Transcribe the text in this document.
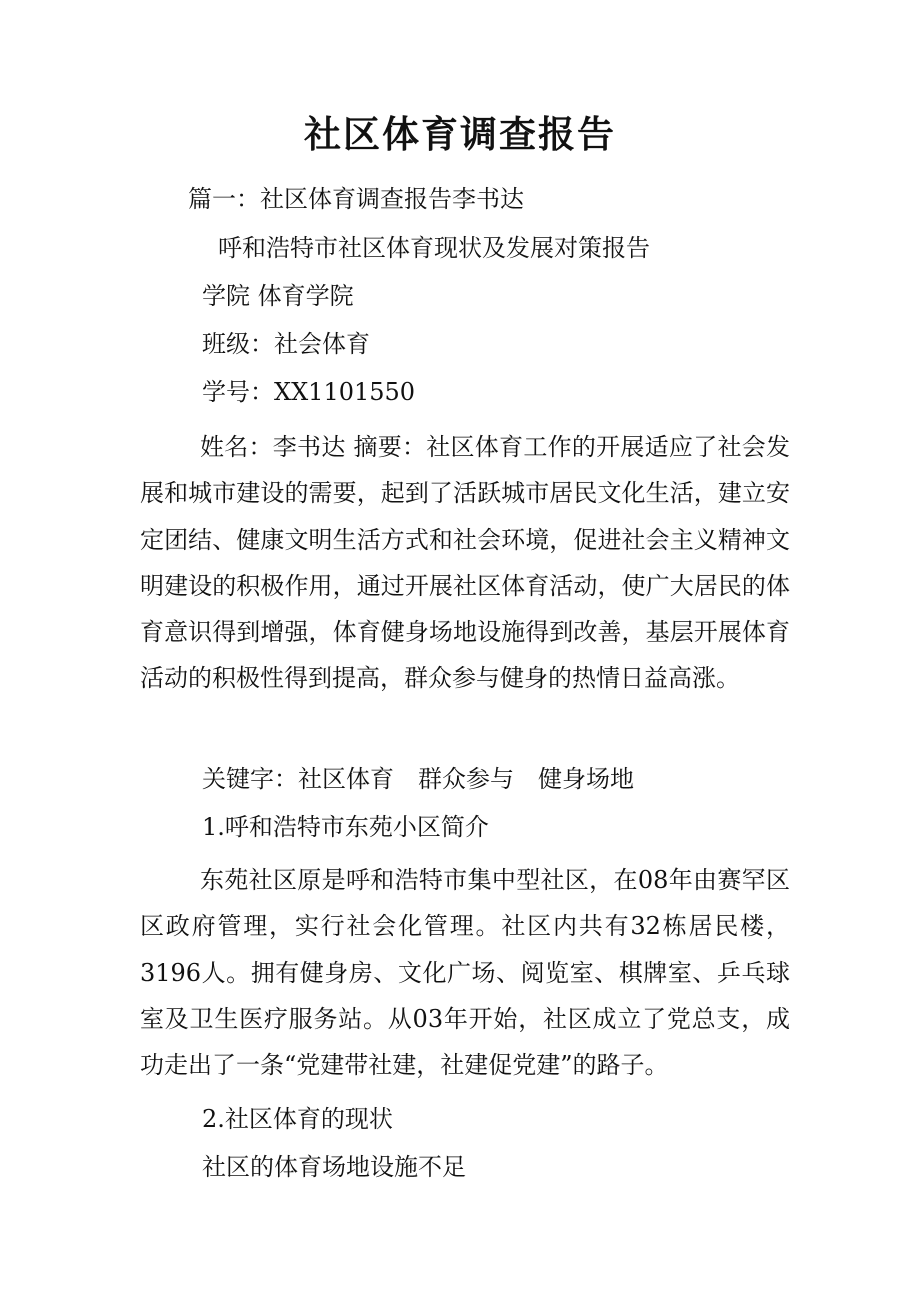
社区体育调查报告

篇一：社区体育调查报告李书达

呼和浩特市社区体育现状及发展对策报告

学院 体育学院

班级：社会体育

学号：XX1101550

姓名：李书达 摘要：社区体育工作的开展适应了社会发展和城市建设的需要，起到了活跃城市居民文化生活，建立安定团结、健康文明生活方式和社会环境，促进社会主义精神文明建设的积极作用，通过开展社区体育活动，使广大居民的体育意识得到增强，体育健身场地设施得到改善，基层开展体育活动的积极性得到提高，群众参与健身的热情日益高涨。

关键字：社区体育 群众参与 健身场地

1.呼和浩特市东苑小区简介

东苑社区原是呼和浩特市集中型社区，在08年由赛罕区区政府管理，实行社会化管理。社区内共有32栋居民楼，3196人。拥有健身房、文化广场、阅览室、棋牌室、乒乓球室及卫生医疗服务站。从03年开始，社区成立了党总支，成功走出了一条“党建带社建，社建促党建”的路子。

2.社区体育的现状

社区的体育场地设施不足
